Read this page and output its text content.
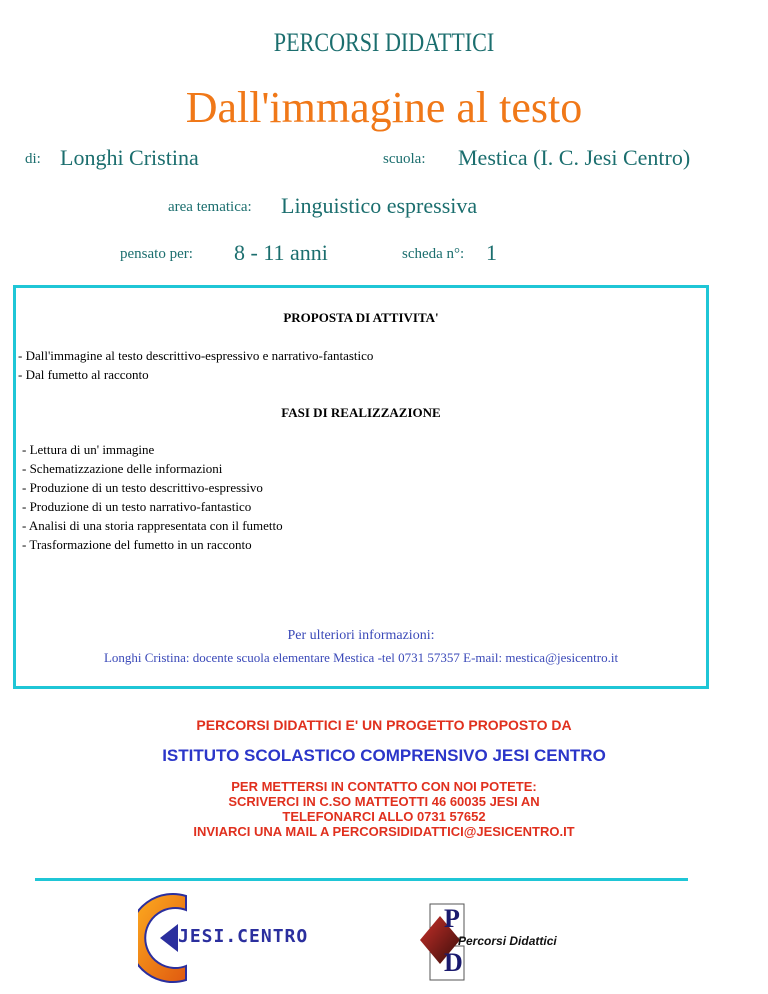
PERCORSI DIDATTICI
Dall'immagine al testo
di: Longhi Cristina	scuola: Mestica (I. C. Jesi Centro)
area tematica: Linguistico espressiva
pensato per: 8 - 11 anni	scheda n°: 1
PROPOSTA DI ATTIVITA'
- Dall'immagine al testo descrittivo-espressivo e narrativo-fantastico
- Dal fumetto al racconto
FASI DI REALIZZAZIONE
- Lettura di un' immagine
- Schematizzazione delle informazioni
- Produzione di un testo descrittivo-espressivo
- Produzione di un testo narrativo-fantastico
- Analisi di una storia rappresentata con il fumetto
- Trasformazione del fumetto in un racconto
Per ulteriori informazioni:
Longhi Cristina: docente scuola elementare Mestica -tel 0731 57357 E-mail: mestica@jesicentro.it
PERCORSI DIDATTICI E' UN PROGETTO PROPOSTO DA
ISTITUTO SCOLASTICO COMPRENSIVO JESI CENTRO
PER METTERSI IN CONTATTO CON NOI POTETE:
SCRIVERCI IN C.SO MATTEOTTI 46 60035 JESI AN
TELEFONARCI ALLO 0731 57652
INVIARCI UNA MAIL A PERCORSIDIDATTICI@JESICENTRO.IT
JESI.CENTRO
P
D
Percorsi Didattici
